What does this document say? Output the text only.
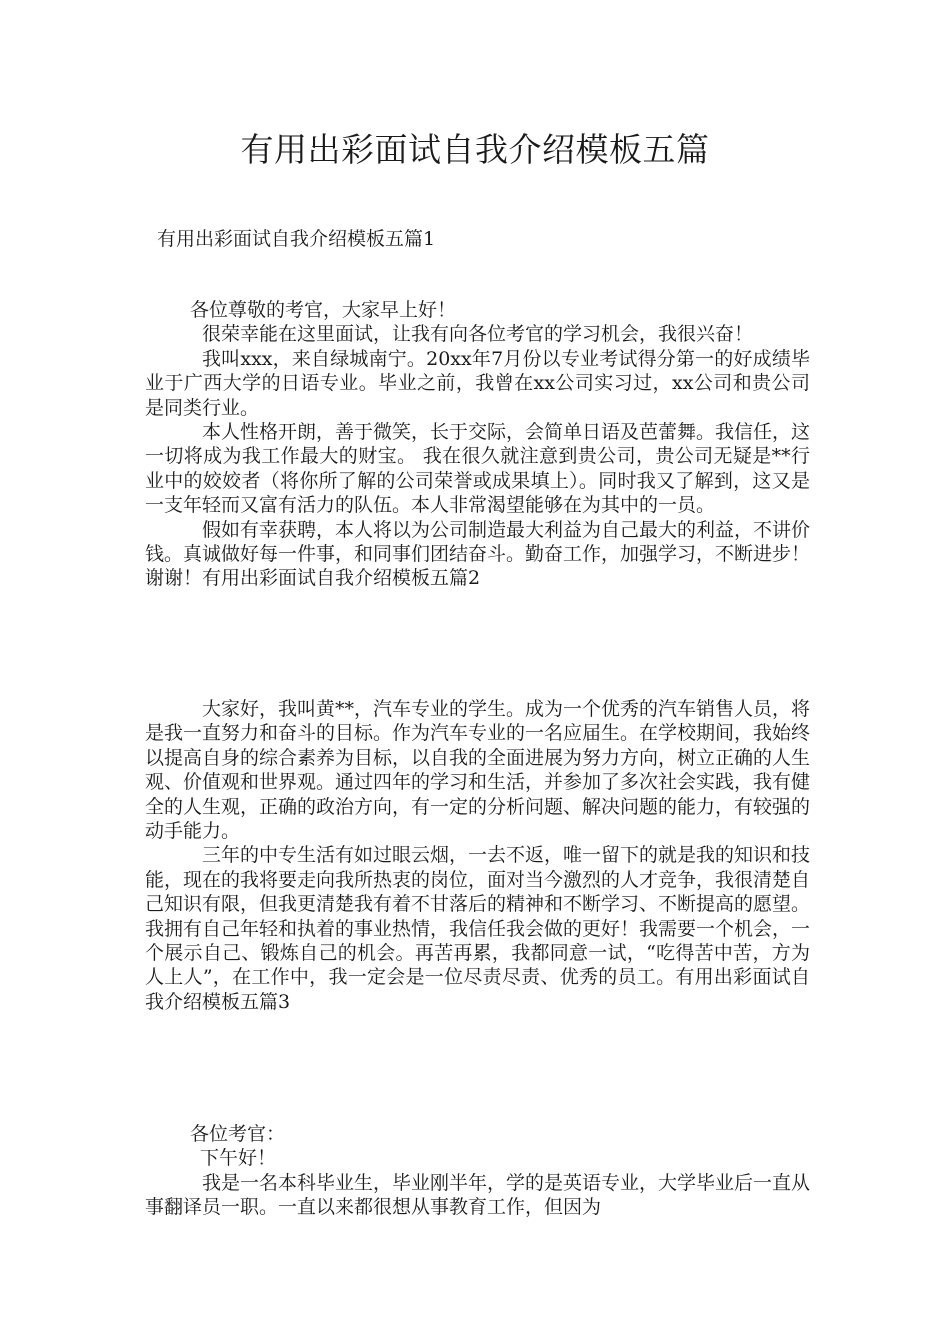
有用出彩面试自我介绍模板五篇
有用出彩面试自我介绍模板五篇1

各位尊敬的考官，大家早上好！

很荣幸能在这里面试，让我有向各位考官的学习机会，我很兴奋！

我叫xxx，来自绿城南宁。20xx年7月份以专业考试得分第一的好成绩毕业于广西大学的日语专业。毕业之前，我曾在xx公司实习过，xx公司和贵公司是同类行业。

本人性格开朗，善于微笑，长于交际，会简单日语及芭蕾舞。我信任，这一切将成为我工作最大的财宝。 我在很久就注意到贵公司，贵公司无疑是**行业中的姣姣者（将你所了解的公司荣誉或成果填上）。同时我又了解到，这又是一支年轻而又富有活力的队伍。本人非常渴望能够在为其中的一员。

假如有幸获聘，本人将以为公司制造最大利益为自己最大的利益，不讲价钱。真诚做好每一件事，和同事们团结奋斗。勤奋工作，加强学习，不断进步！谢谢！有用出彩面试自我介绍模板五篇2

大家好，我叫黄**，汽车专业的学生。成为一个优秀的汽车销售人员，将是我一直努力和奋斗的目标。作为汽车专业的一名应届生。在学校期间，我始终以提高自身的综合素养为目标，以自我的全面进展为努力方向，树立正确的人生观、价值观和世界观。通过四年的学习和生活，并参加了多次社会实践，我有健全的人生观，正确的政治方向，有一定的分析问题、解决问题的能力，有较强的动手能力。

三年的中专生活有如过眼云烟，一去不返，唯一留下的就是我的知识和技能，现在的我将要走向我所热衷的岗位，面对当今激烈的人才竞争，我很清楚自己知识有限，但我更清楚我有着不甘落后的精神和不断学习、不断提高的愿望。我拥有自己年轻和执着的事业热情，我信任我会做的更好！我需要一个机会，一个展示自己、锻炼自己的机会。再苦再累，我都同意一试，“吃得苦中苦，方为人上人”，在工作中，我一定会是一位尽责尽责、优秀的员工。有用出彩面试自我介绍模板五篇3

各位考官：

下午好！

我是一名本科毕业生，毕业刚半年，学的是英语专业，大学毕业后一直从事翻译员一职。一直以来都很想从事教育工作，但因为
